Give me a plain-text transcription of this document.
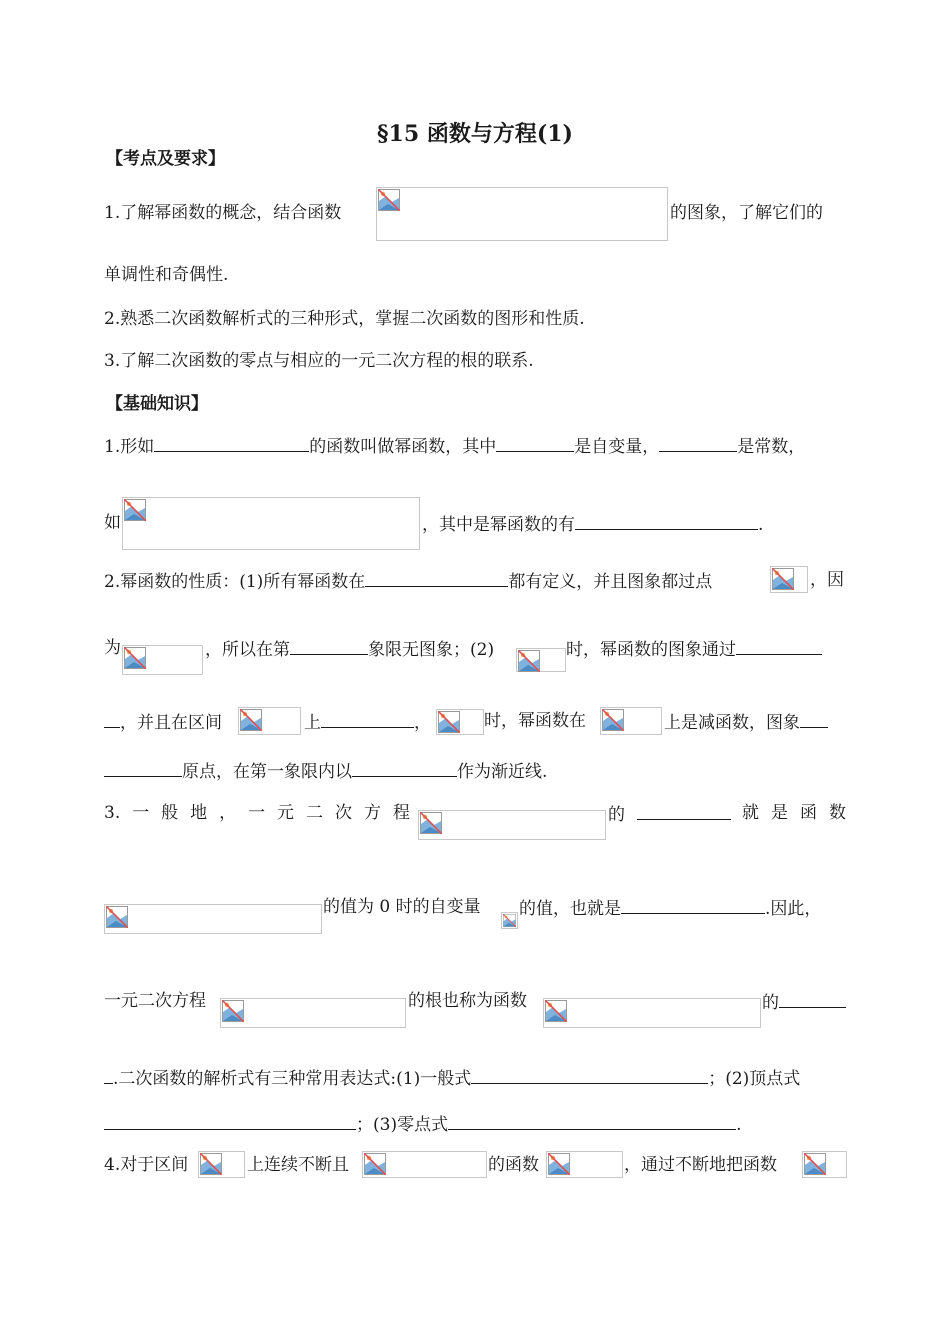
§15 函数与方程(1)
【考点及要求】
1.了解幂函数的概念，结合函数	的图象，了解它们的
单调性和奇偶性.
2.熟悉二次函数解析式的三种形式，掌握二次函数的图形和性质.
3.了解二次函数的零点与相应的一元二次方程的根的联系.
【基础知识】
1.形如	的函数叫做幂函数，其中	是自变量，	是常数，
如	，其中是幂函数的有	.
2.幂函数的性质：(1)所有幂函数在	都有定义，并且图象都过点	，因
为	，所以在第	象限无图象；(2)	时，幂函数的图象通过
，并且在区间	上	，	时，幂函数在	上是减函数，图象
原点，在第一象限内以	作为渐近线.
3. 一 般 地 ， 一 元 二 次 方 程	的	就 是 函 数
的值为 0 时的自变量 的值，也就是	.因此，
一元二次方程	的根也称为函数	的
.二次函数的解析式有三种常用表达式:(1)一般式	；(2)顶点式
；(3)零点式	.
4.对于区间	上连续不断且	的函数	，通过不断地把函数
